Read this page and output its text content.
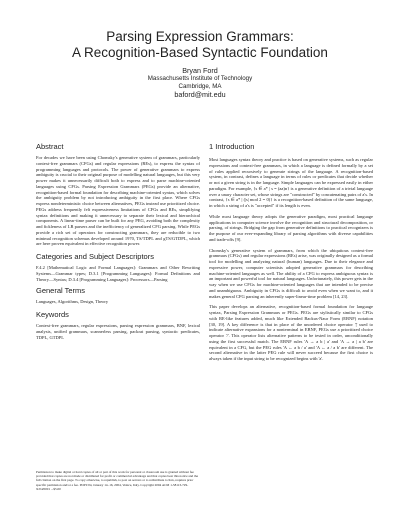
Parsing Expression Grammars:
A Recognition-Based Syntactic Foundation
Bryan Ford
Massachusetts Institute of Technology
Cambridge, MA
baford@mit.edu
Abstract

For decades we have been using Chomsky's generative system of grammars, particularly context-free grammars (CFGs) and regular expressions (REs), to express the syntax of programming languages and protocols. The power of generative grammars to express ambiguity is crucial to their original purpose of modelling natural languages, but this very power makes it unnecessarily difficult both to express and to parse machine-oriented languages using CFGs. Parsing Expression Grammars (PEGs) provide an alternative, recognition-based formal foundation for describing machine-oriented syntax, which solves the ambiguity problem by not introducing ambiguity in the first place. Where CFGs express nondeterministic choice between alternatives, PEGs instead use prioritized choice. PEGs address frequently felt expressiveness limitations of CFGs and REs, simplifying syntax definitions and making it unnecessary to separate their lexical and hierarchical components. A linear-time parser can be built for any PEG, avoiding both the complexity and fickleness of LR parsers and the inefficiency of generalized CFG parsing. While PEGs provide a rich set of operators for constructing grammars, they are reducible to two minimal recognition schemas developed around 1970, TS/TDPL and gTS/GTDPL, which are here proven equivalent in effective recognition power.

Categories and Subject Descriptors

F.4.2 [Mathematical Logic and Formal Languages]: Grammars and Other Rewriting Systems—Grammar types; D.3.1 [Programming Languages]: Formal Definitions and Theory—Syntax; D.3.4 [Programming Languages]: Processors—Parsing

General Terms

Languages, Algorithms, Design, Theory

Keywords

Context-free grammars, regular expressions, parsing expression grammars, BNF, lexical analysis, unified grammars, scannerless parsing, packrat parsing, syntactic predicates, TDPL, GTDPL

Permission to make digital or hard copies of all or part of this work for personal or classroom use is granted without fee provided that copies are not made or distributed for profit or commercial advantage and that copies bear this notice and the full citation on the first page. To copy otherwise, to republish, to post on servers or to redistribute to lists, requires prior specific permission and/or a fee. POPL'04, January 14–16, 2004, Venice, Italy. Copyright 2004 ACM 1-58113-729-X/04/0001 ...$5.00

1 Introduction

Most languages syntax theory and practice is based on generative systems, such as regular expressions and context-free grammars, in which a language is defined formally by a set of rules applied recursively to generate strings of the language. A recognition-based system, in contrast, defines a language in terms of rules or predicates that decide whether or not a given string is in the language. Simple languages can be expressed easily in either paradigm. For example, {s ∈ a* | s = (aa)n} is a generative definition of a trivial language over a unary character set, whose strings are "constructed" by concatenating pairs of a's. In contrast, {s ∈ a* | (|s| mod 2 = 0)} is a recognition-based definition of the same language, in which a string of a's is "accepted" if its length is even.

While most language theory adopts the generative paradigm, most practical language applications in computer science involve the recognition and structural decomposition, or parsing, of strings. Bridging the gap from generative definitions to practical recognizers is the purpose of our ever-expanding library of parsing algorithms with diverse capabilities and trade-offs [9].

Chomsky's generative system of grammars, from which the ubiquitous context-free grammars (CFGs) and regular expressions (REs) arise, was originally designed as a formal tool for modelling and analyzing natural (human) languages. Due to their elegance and expressive power, computer scientists adopted generative grammars for describing machine-oriented languages as well. The ability of a CFG to express ambiguous syntax is an important and powerful tool for natural languages. Unfortunately, this power gets in the way when we use CFGs for machine-oriented languages that are intended to be precise and unambiguous. Ambiguity in CFGs is difficult to avoid even when we want to, and it makes general CFG parsing an inherently super-linear-time problem [14, 23].

This paper develops an alternative, recognition-based formal foundation for language syntax, Parsing Expression Grammars or PEGs. PEGs are stylistically similar to CFGs with RE-like features added, much like Extended Backus-Naur Form (EBNF) notation [30, 19]. A key difference is that in place of the unordered choice operator '|' used to indicate alternative expansions for a nonterminal in EBNF, PEGs use a prioritized choice operator '/'. This operator lists alternative patterns to be tested in order, unconditionally using the first successful match. The EBNF rules 'A → a b | a' and 'A → a | a b' are equivalent in a CFG, but the PEG rules 'A ← a b / a' and 'A ← a / a b' are different. The second alternative in the latter PEG rule will never succeed because the first choice is always taken if the input string to be recognized begins with 'a'.
